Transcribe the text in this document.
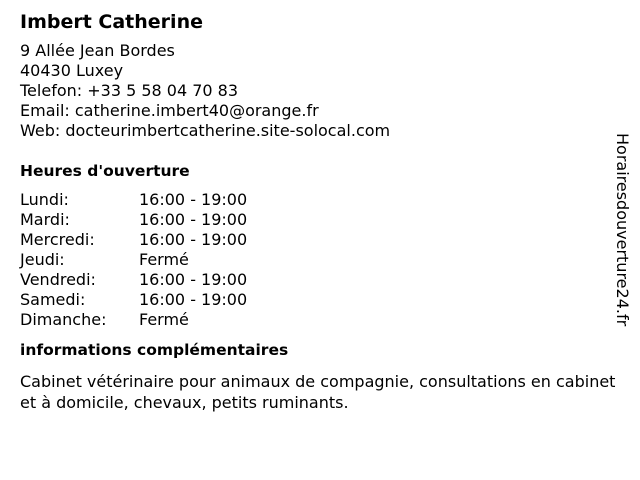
Imbert Catherine
9 Allée Jean Bordes
40430 Luxey
Telefon: +33 5 58 04 70 83
Email: catherine.imbert40@orange.fr
Web: docteurimbertcatherine.site-solocal.com
Heures d'ouverture
Lundi:	16:00 - 19:00
Mardi:	16:00 - 19:00
Mercredi:	16:00 - 19:00
Jeudi:	Fermé
Vendredi:	16:00 - 19:00
Samedi:	16:00 - 19:00
Dimanche: Fermé
informations complémentaires
Cabinet vétérinaire pour animaux de compagnie, consultations en cabinet et à domicile, chevaux, petits ruminants.
Horairesdouverture24.fr
